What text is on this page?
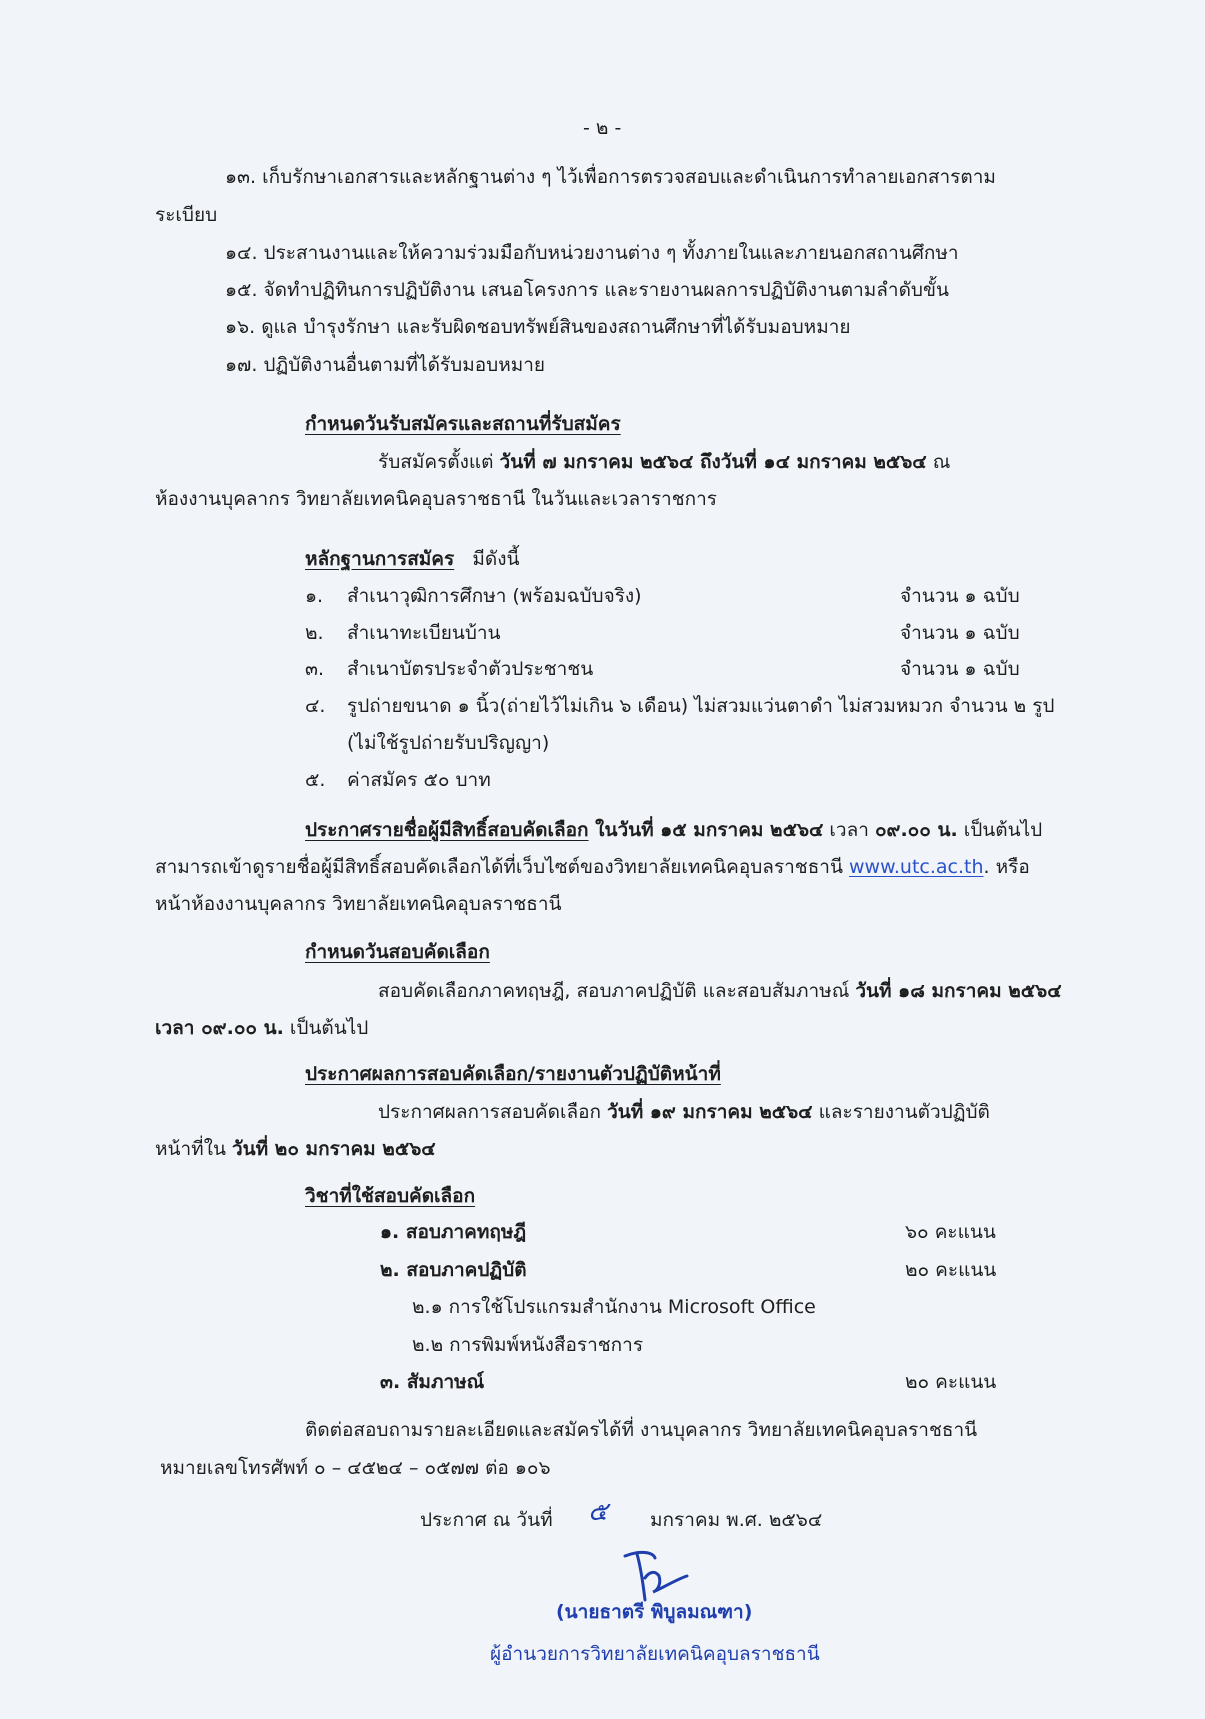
- ๒ -
๑๓. เก็บรักษาเอกสารและหลักฐานต่าง ๆ ไว้เพื่อการตรวจสอบและดำเนินการทำลายเอกสารตาม
ระเบียบ
๑๔. ประสานงานและให้ความร่วมมือกับหน่วยงานต่าง ๆ ทั้งภายในและภายนอกสถานศึกษา
๑๕. จัดทำปฏิทินการปฏิบัติงาน เสนอโครงการ และรายงานผลการปฏิบัติงานตามลำดับขั้น
๑๖. ดูแล บำรุงรักษา และรับผิดชอบทรัพย์สินของสถานศึกษาที่ได้รับมอบหมาย
๑๗. ปฏิบัติงานอื่นตามที่ได้รับมอบหมาย
กำหนดวันรับสมัครและสถานที่รับสมัคร
รับสมัครตั้งแต่ วันที่ ๗ มกราคม ๒๕๖๔ ถึงวันที่ ๑๔ มกราคม ๒๕๖๔ ณ
ห้องงานบุคลากร วิทยาลัยเทคนิคอุบลราชธานี ในวันและเวลาราชการ
หลักฐานการสมัคร มีดังนี้
๑. สำเนาวุฒิการศึกษา (พร้อมฉบับจริง)	จำนวน ๑ ฉบับ
๒. สำเนาทะเบียนบ้าน	จำนวน ๑ ฉบับ
๓. สำเนาบัตรประจำตัวประชาชน	จำนวน ๑ ฉบับ
๔. รูปถ่ายขนาด ๑ นิ้ว(ถ่ายไว้ไม่เกิน ๖ เดือน) ไม่สวมแว่นตาดำ ไม่สวมหมวก จำนวน ๒ รูป
(ไม่ใช้รูปถ่ายรับปริญญา)
๕. ค่าสมัคร ๕๐ บาท
ประกาศรายชื่อผู้มีสิทธิ์สอบคัดเลือก ในวันที่ ๑๕ มกราคม ๒๕๖๔ เวลา ๐๙.๐๐ น. เป็นต้นไป
สามารถเข้าดูรายชื่อผู้มีสิทธิ์สอบคัดเลือกได้ที่เว็บไซต์ของวิทยาลัยเทคนิคอุบลราชธานี www.utc.ac.th. หรือ
หน้าห้องงานบุคลากร วิทยาลัยเทคนิคอุบลราชธานี
กำหนดวันสอบคัดเลือก
สอบคัดเลือกภาคทฤษฎี, สอบภาคปฏิบัติ และสอบสัมภาษณ์ วันที่ ๑๘ มกราคม ๒๕๖๔
เวลา ๐๙.๐๐ น. เป็นต้นไป
ประกาศผลการสอบคัดเลือก/รายงานตัวปฏิบัติหน้าที่
ประกาศผลการสอบคัดเลือก วันที่ ๑๙ มกราคม ๒๕๖๔ และรายงานตัวปฏิบัติ
หน้าที่ใน วันที่ ๒๐ มกราคม ๒๕๖๔
วิชาที่ใช้สอบคัดเลือก
๑. สอบภาคทฤษฎี	๖๐ คะแนน
๒. สอบภาคปฏิบัติ	๒๐ คะแนน
๒.๑ การใช้โปรแกรมสำนักงาน Microsoft Office
๒.๒ การพิมพ์หนังสือราชการ
๓. สัมภาษณ์	๒๐ คะแนน
ติดต่อสอบถามรายละเอียดและสมัครได้ที่ งานบุคลากร วิทยาลัยเทคนิคอุบลราชธานี
หมายเลขโทรศัพท์ ๐ – ๔๕๒๔ – ๐๕๗๗ ต่อ ๑๐๖
ประกาศ ณ วันที่ ๕ มกราคม พ.ศ. ๒๕๖๔
(นายธาตรี พิบูลมณฑา)
ผู้อำนวยการวิทยาลัยเทคนิคอุบลราชธานี
